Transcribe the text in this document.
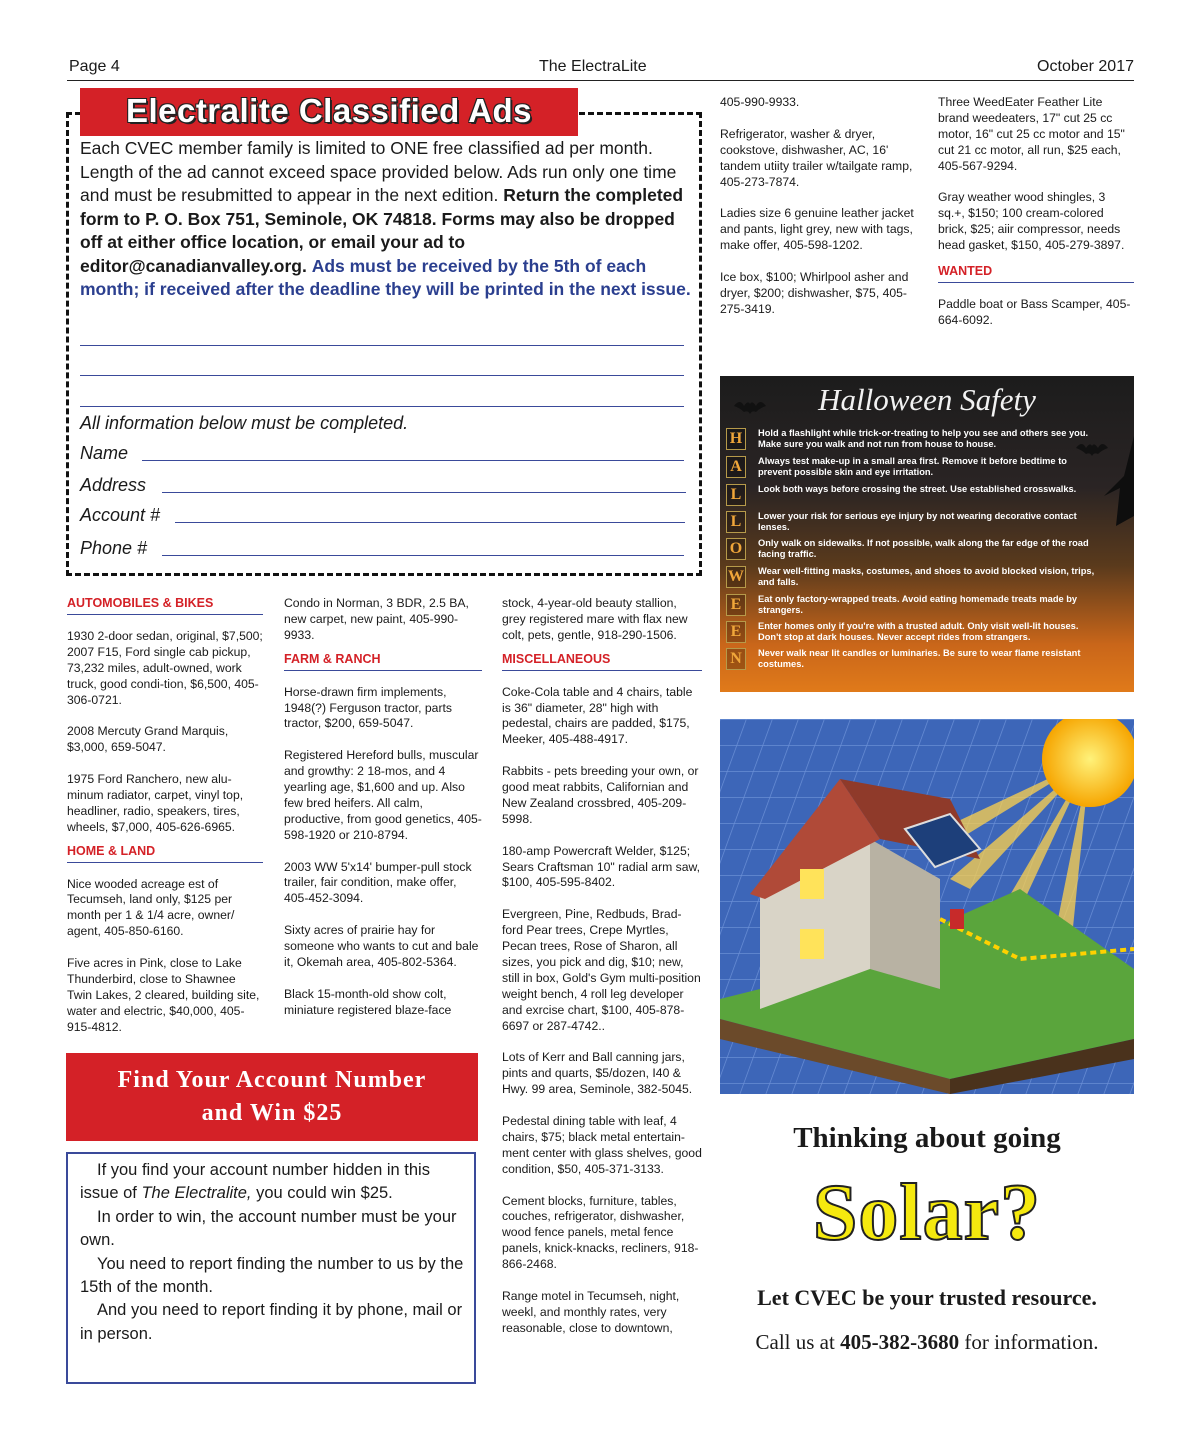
Page 4	The ElectraLite	October 2017
Electralite Classified Ads
Each CVEC member family is limited to ONE free classified ad per month. Length of the ad cannot exceed space provided below. Ads run only one time and must be resubmitted to appear in the next edition. Return the completed form to P. O. Box 751, Seminole, OK 74818. Forms may also be dropped off at either office location, or email your ad to editor@canadianvalley.org. Ads must be received by the 5th of each month; if received after the deadline they will be printed in the next issue.
All information below must be completed.
Name
Address
Account #
Phone #
AUTOMOBILES & BIKES

1930 2-door sedan, original, $7,500; 2007 F15, Ford single cab pickup, 73,232 miles, adult-owned, work truck, good condi-tion, $6,500, 405-306-0721.

2008 Mercuty Grand Marquis, $3,000, 659-5047.

1975 Ford Ranchero, new alu-minum radiator, carpet, vinyl top, headliner, radio, speakers, tires, wheels, $7,000, 405-626-6965.

HOME & LAND

Nice wooded acreage est of Tecumseh, land only, $125 per month per 1 & 1/4 acre, owner/ agent, 405-850-6160.

Five acres in Pink, close to Lake Thunderbird, close to Shawnee Twin Lakes, 2 cleared, building site, water and electric, $40,000, 405-915-4812.

Condo in Norman, 3 BDR, 2.5 BA, new carpet, new paint, 405-990-9933.

FARM & RANCH

Horse-drawn firm implements, 1948(?) Ferguson tractor, parts tractor, $200, 659-5047.

Registered Hereford bulls, muscular and growthy: 2 18-mos, and 4 yearling age, $1,600 and up. Also few bred heifers. All calm, productive, from good genetics, 405-598-1920 or 210-8794.

2003 WW 5'x14' bumper-pull stock trailer, fair condition, make offer, 405-452-3094.

Sixty acres of prairie hay for someone who wants to cut and bale it, Okemah area, 405-802-5364.

Black 15-month-old show colt, miniature registered blaze-face

stock, 4-year-old beauty stallion, grey registered mare with flax new colt, pets, gentle, 918-290-1506.

MISCELLANEOUS

Coke-Cola table and 4 chairs, table is 36" diameter, 28" high with pedestal, chairs are padded, $175, Meeker, 405-488-4917.

Rabbits - pets breeding your own, or good meat rabbits, Californian and New Zealand crossbred, 405-209-5998.

180-amp Powercraft Welder, $125; Sears Craftsman 10" radial arm saw, $100, 405-595-8402.

Evergreen, Pine, Redbuds, Brad-ford Pear trees, Crepe Myrtles, Pecan trees, Rose of Sharon, all sizes, you pick and dig, $10; new, still in box, Gold's Gym multi-position weight bench, 4 roll leg developer and exrcise chart, $100, 405-878-6697 or 287-4742..

Lots of Kerr and Ball canning jars, pints and quarts, $5/dozen, I40 & Hwy. 99 area, Seminole, 382-5045.

Pedestal dining table with leaf, 4 chairs, $75; black metal entertain-ment center with glass shelves, good condition, $50, 405-371-3133.

Cement blocks, furniture, tables, couches, refrigerator, dishwasher, wood fence panels, metal fence panels, knick-knacks, recliners, 918-866-2468.

Range motel in Tecumseh, night, weekl, and monthly rates, very reasonable, close to downtown,

405-990-9933.

Refrigerator, washer & dryer, cookstove, dishwasher, AC, 16' tandem utiity trailer w/tailgate ramp, 405-273-7874.

Ladies size 6 genuine leather jacket and pants, light grey, new with tags, make offer, 405-598-1202.

Ice box, $100; Whirlpool asher and dryer, $200; dishwasher, $75, 405-275-3419.

Three WeedEater Feather Lite brand weedeaters, 17" cut 25 cc motor, 16" cut 25 cc motor and 15" cut 21 cc motor, all run, $25 each, 405-567-9294.

Gray weather wood shingles, 3 sq.+, $150; 100 cream-colored brick, $25; aiir compressor, needs head gasket, $150, 405-279-3897.

WANTED

Paddle boat or Bass Scamper, 405-664-6092.

Find Your Account Number
and Win $25

If you find your account number hidden in this issue of The Electralite, you could win $25.

In order to win, the account number must be your own.

You need to report finding the number to us by the 15th of the month.

And you need to report finding it by phone, mail or in person.

Halloween Safety
H	Hold a flashlight while trick-or-treating to help you see and others see you. Make sure you walk and not run from house to house.
A	Always test make-up in a small area first. Remove it before bedtime to prevent possible skin and eye irritation.
L	Look both ways before crossing the street. Use established crosswalks.
L	Lower your risk for serious eye injury by not wearing decorative contact lenses.
O	Only walk on sidewalks. If not possible, walk along the far edge of the road facing traffic.
W Wear well-fitting masks, costumes, and shoes to avoid blocked vision, trips, and falls.
E	Eat only factory-wrapped treats. Avoid eating homemade treats made by strangers.
E	Enter homes only if you're with a trusted adult. Only visit well-lit houses. Don't stop at dark houses. Never accept rides from strangers.
N	Never walk near lit candles or luminaries. Be sure to wear flame resistant costumes.
Thinking about going
Solar?
Let CVEC be your trusted resource.
Call us at 405-382-3680 for information.
